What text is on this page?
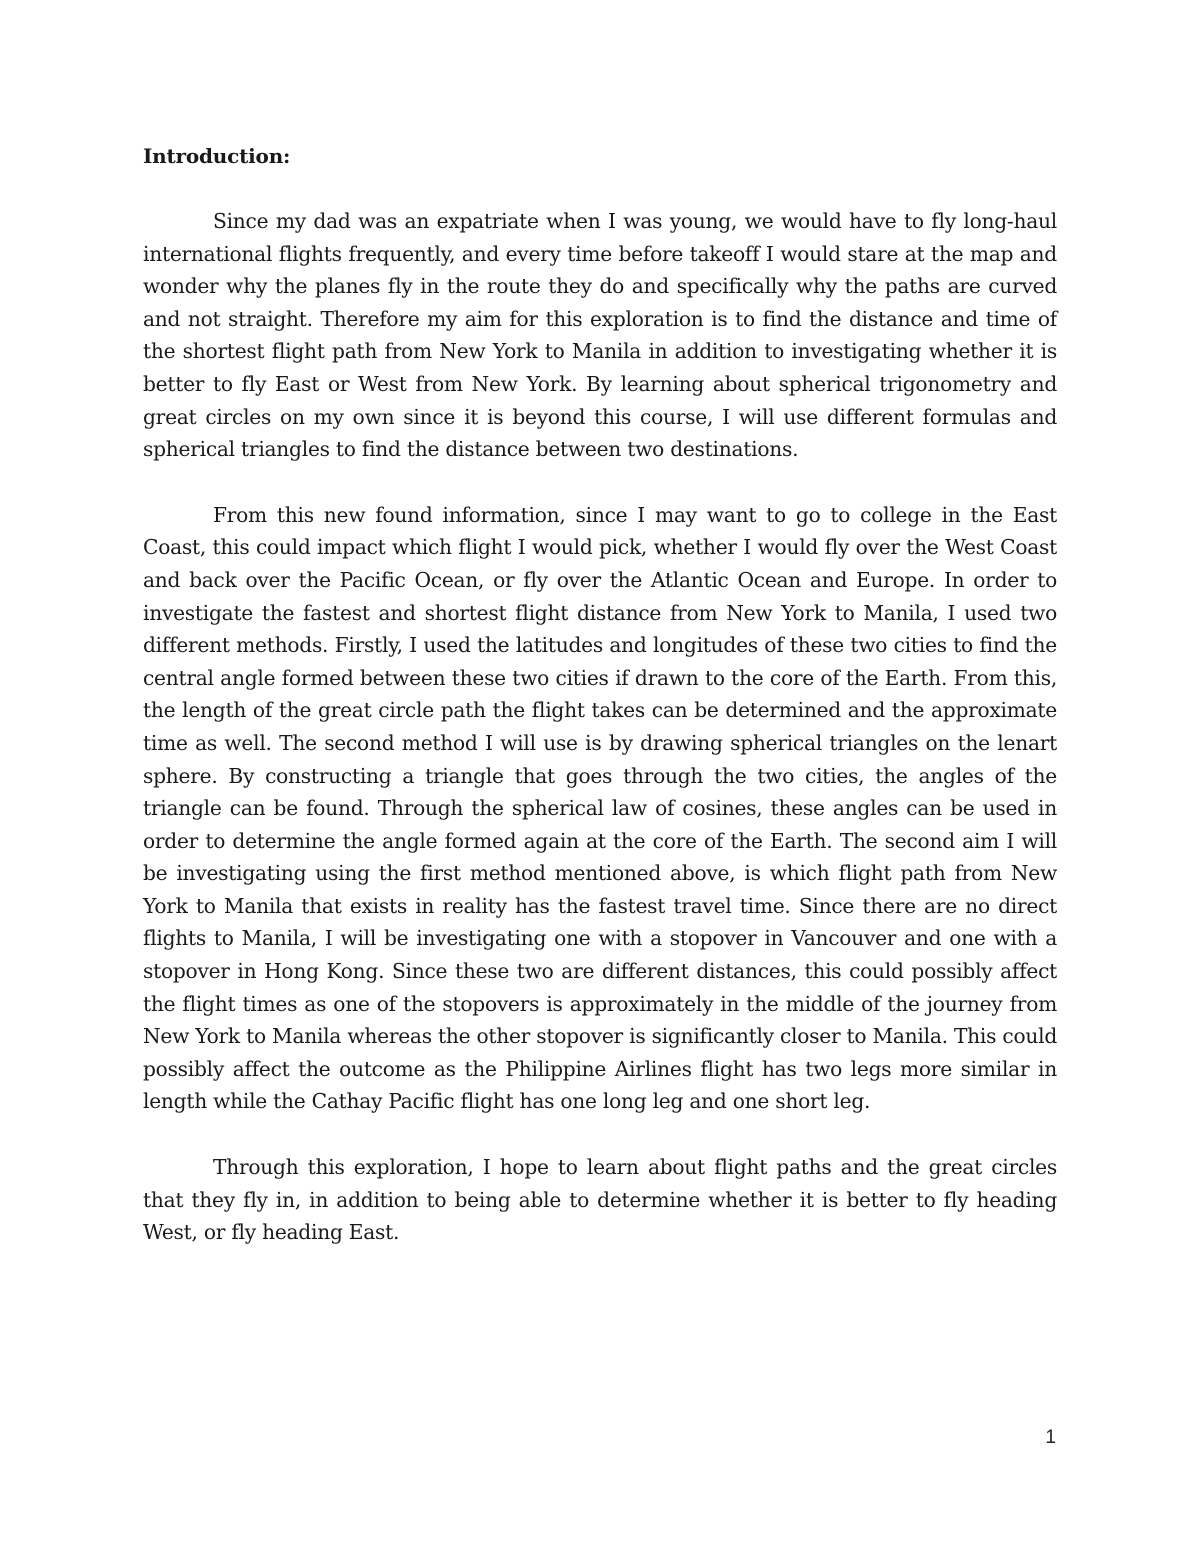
Introduction:

Since my dad was an expatriate when I was young, we would have to fly long-haul international flights frequently, and every time before takeoff I would stare at the map and wonder why the planes fly in the route they do and specifically why the paths are curved and not straight. Therefore my aim for this exploration is to find the distance and time of the shortest flight path from New York to Manila in addition to investigating whether it is better to fly East or West from New York. By learning about spherical trigonometry and great circles on my own since it is beyond this course, I will use different formulas and spherical triangles to find the distance between two destinations.

From this new found information, since I may want to go to college in the East Coast, this could impact which flight I would pick, whether I would fly over the West Coast and back over the Pacific Ocean, or fly over the Atlantic Ocean and Europe. In order to investigate the fastest and shortest flight distance from New York to Manila, I used two different methods. Firstly, I used the latitudes and longitudes of these two cities to find the central angle formed between these two cities if drawn to the core of the Earth. From this, the length of the great circle path the flight takes can be determined and the approximate time as well. The second method I will use is by drawing spherical triangles on the lenart sphere. By constructing a triangle that goes through the two cities, the angles of the triangle can be found. Through the spherical law of cosines, these angles can be used in order to determine the angle formed again at the core of the Earth. The second aim I will be investigating using the first method mentioned above, is which flight path from New York to Manila that exists in reality has the fastest travel time. Since there are no direct flights to Manila, I will be investigating one with a stopover in Vancouver and one with a stopover in Hong Kong. Since these two are different distances, this could possibly affect the flight times as one of the stopovers is approximately in the middle of the journey from New York to Manila whereas the other stopover is significantly closer to Manila. This could possibly affect the outcome as the Philippine Airlines flight has two legs more similar in length while the Cathay Pacific flight has one long leg and one short leg.

Through this exploration, I hope to learn about flight paths and the great circles that they fly in, in addition to being able to determine whether it is better to fly heading West, or fly heading East.

1
